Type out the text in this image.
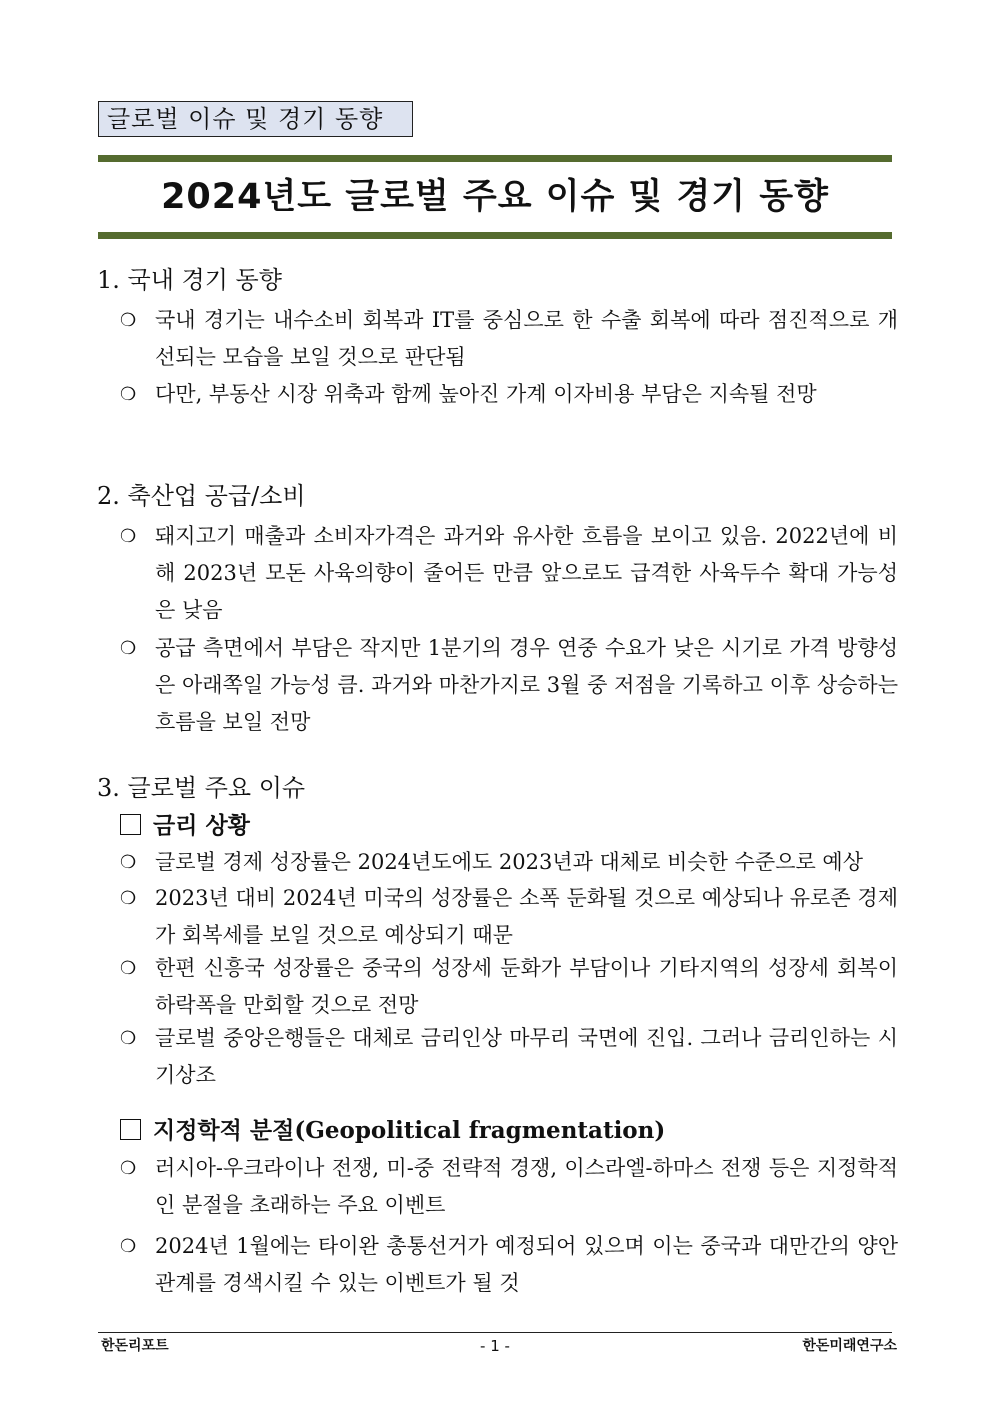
글로벌 이슈 및 경기 동향
2024년도 글로벌 주요 이슈 및 경기 동향
1. 국내 경기 동향
❍ 국내 경기는 내수소비 회복과 IT를 중심으로 한 수출 회복에 따라 점진적으로 개선되는 모습을 보일 것으로 판단됨
❍ 다만, 부동산 시장 위축과 함께 높아진 가계 이자비용 부담은 지속될 전망
2. 축산업 공급/소비
❍ 돼지고기 매출과 소비자가격은 과거와 유사한 흐름을 보이고 있음. 2022년에 비해 2023년 모돈 사육의향이 줄어든 만큼 앞으로도 급격한 사육두수 확대 가능성은 낮음
❍ 공급 측면에서 부담은 작지만 1분기의 경우 연중 수요가 낮은 시기로 가격 방향성은 아래쪽일 가능성 큼. 과거와 마찬가지로 3월 중 저점을 기록하고 이후 상승하는 흐름을 보일 전망
3. 글로벌 주요 이슈
금리 상황
❍ 글로벌 경제 성장률은 2024년도에도 2023년과 대체로 비슷한 수준으로 예상
❍ 2023년 대비 2024년 미국의 성장률은 소폭 둔화될 것으로 예상되나 유로존 경제가 회복세를 보일 것으로 예상되기 때문
❍ 한편 신흥국 성장률은 중국의 성장세 둔화가 부담이나 기타지역의 성장세 회복이 하락폭을 만회할 것으로 전망
❍ 글로벌 중앙은행들은 대체로 금리인상 마무리 국면에 진입. 그러나 금리인하는 시기상조
지정학적 분절(Geopolitical fragmentation)
❍ 러시아-우크라이나 전쟁, 미-중 전략적 경쟁, 이스라엘-하마스 전쟁 등은 지정학적인 분절을 초래하는 주요 이벤트
❍ 2024년 1월에는 타이완 총통선거가 예정되어 있으며 이는 중국과 대만간의 양안관계를 경색시킬 수 있는 이벤트가 될 것
한돈리포트	- 1 -	한돈미래연구소
